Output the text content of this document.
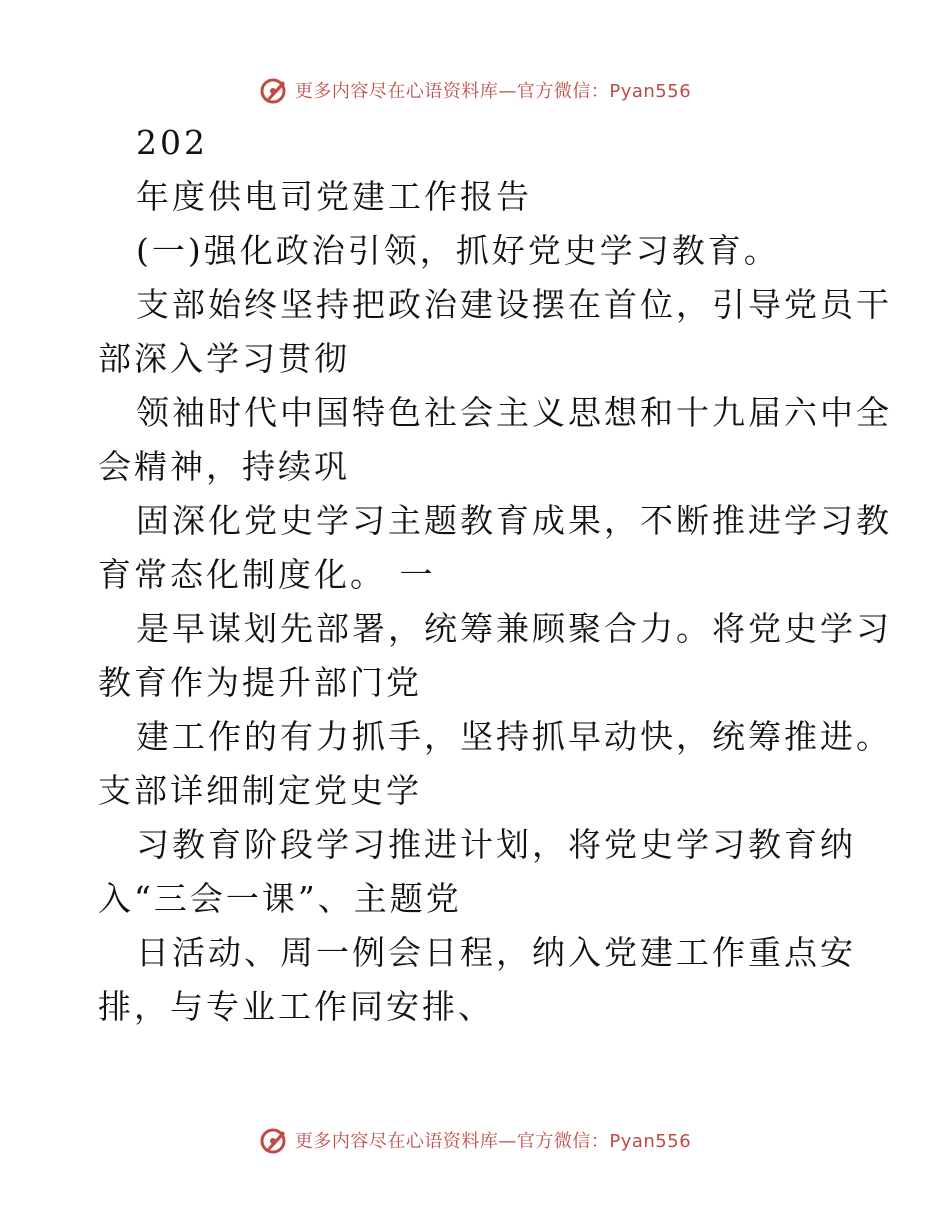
更多内容尽在心语资料库—官方微信：Pyan556
202
年度供电司党建工作报告
(一)强化政治引领，抓好党史学习教育。
支部始终坚持把政治建设摆在首位，引导党员干
部深入学习贯彻
领袖时代中国特色社会主义思想和十九届六中全
会精神，持续巩
固深化党史学习主题教育成果，不断推进学习教
育常态化制度化。 一
是早谋划先部署，统筹兼顾聚合力。将党史学习
教育作为提升部门党
建工作的有力抓手，坚持抓早动快，统筹推进。
支部详细制定党史学
习教育阶段学习推进计划，将党史学习教育纳
入“三会一课”、主题党
日活动、周一例会日程，纳入党建工作重点安
排，与专业工作同安排、
更多内容尽在心语资料库—官方微信：Pyan556
